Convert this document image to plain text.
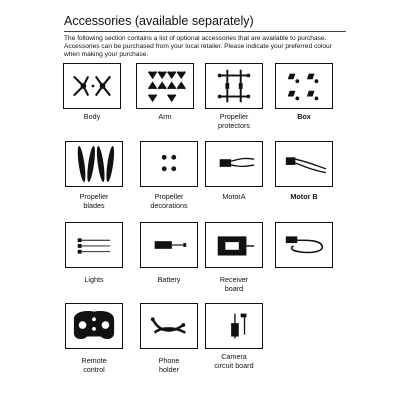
Accessories (available separately)
The following section contains a list of optional accessories that are available to purchase.
Accessories can be purchased from your local retailer. Please indicate your preferred colour
when making your purchase.
Body	Arm	Propeller
protectors
Box
Propeller
blades
Propeller
decorations
MotorA	Motor B
Lights	Battery	Receiver
board
Remote
control
Phone
holder
Camera
circuit board
